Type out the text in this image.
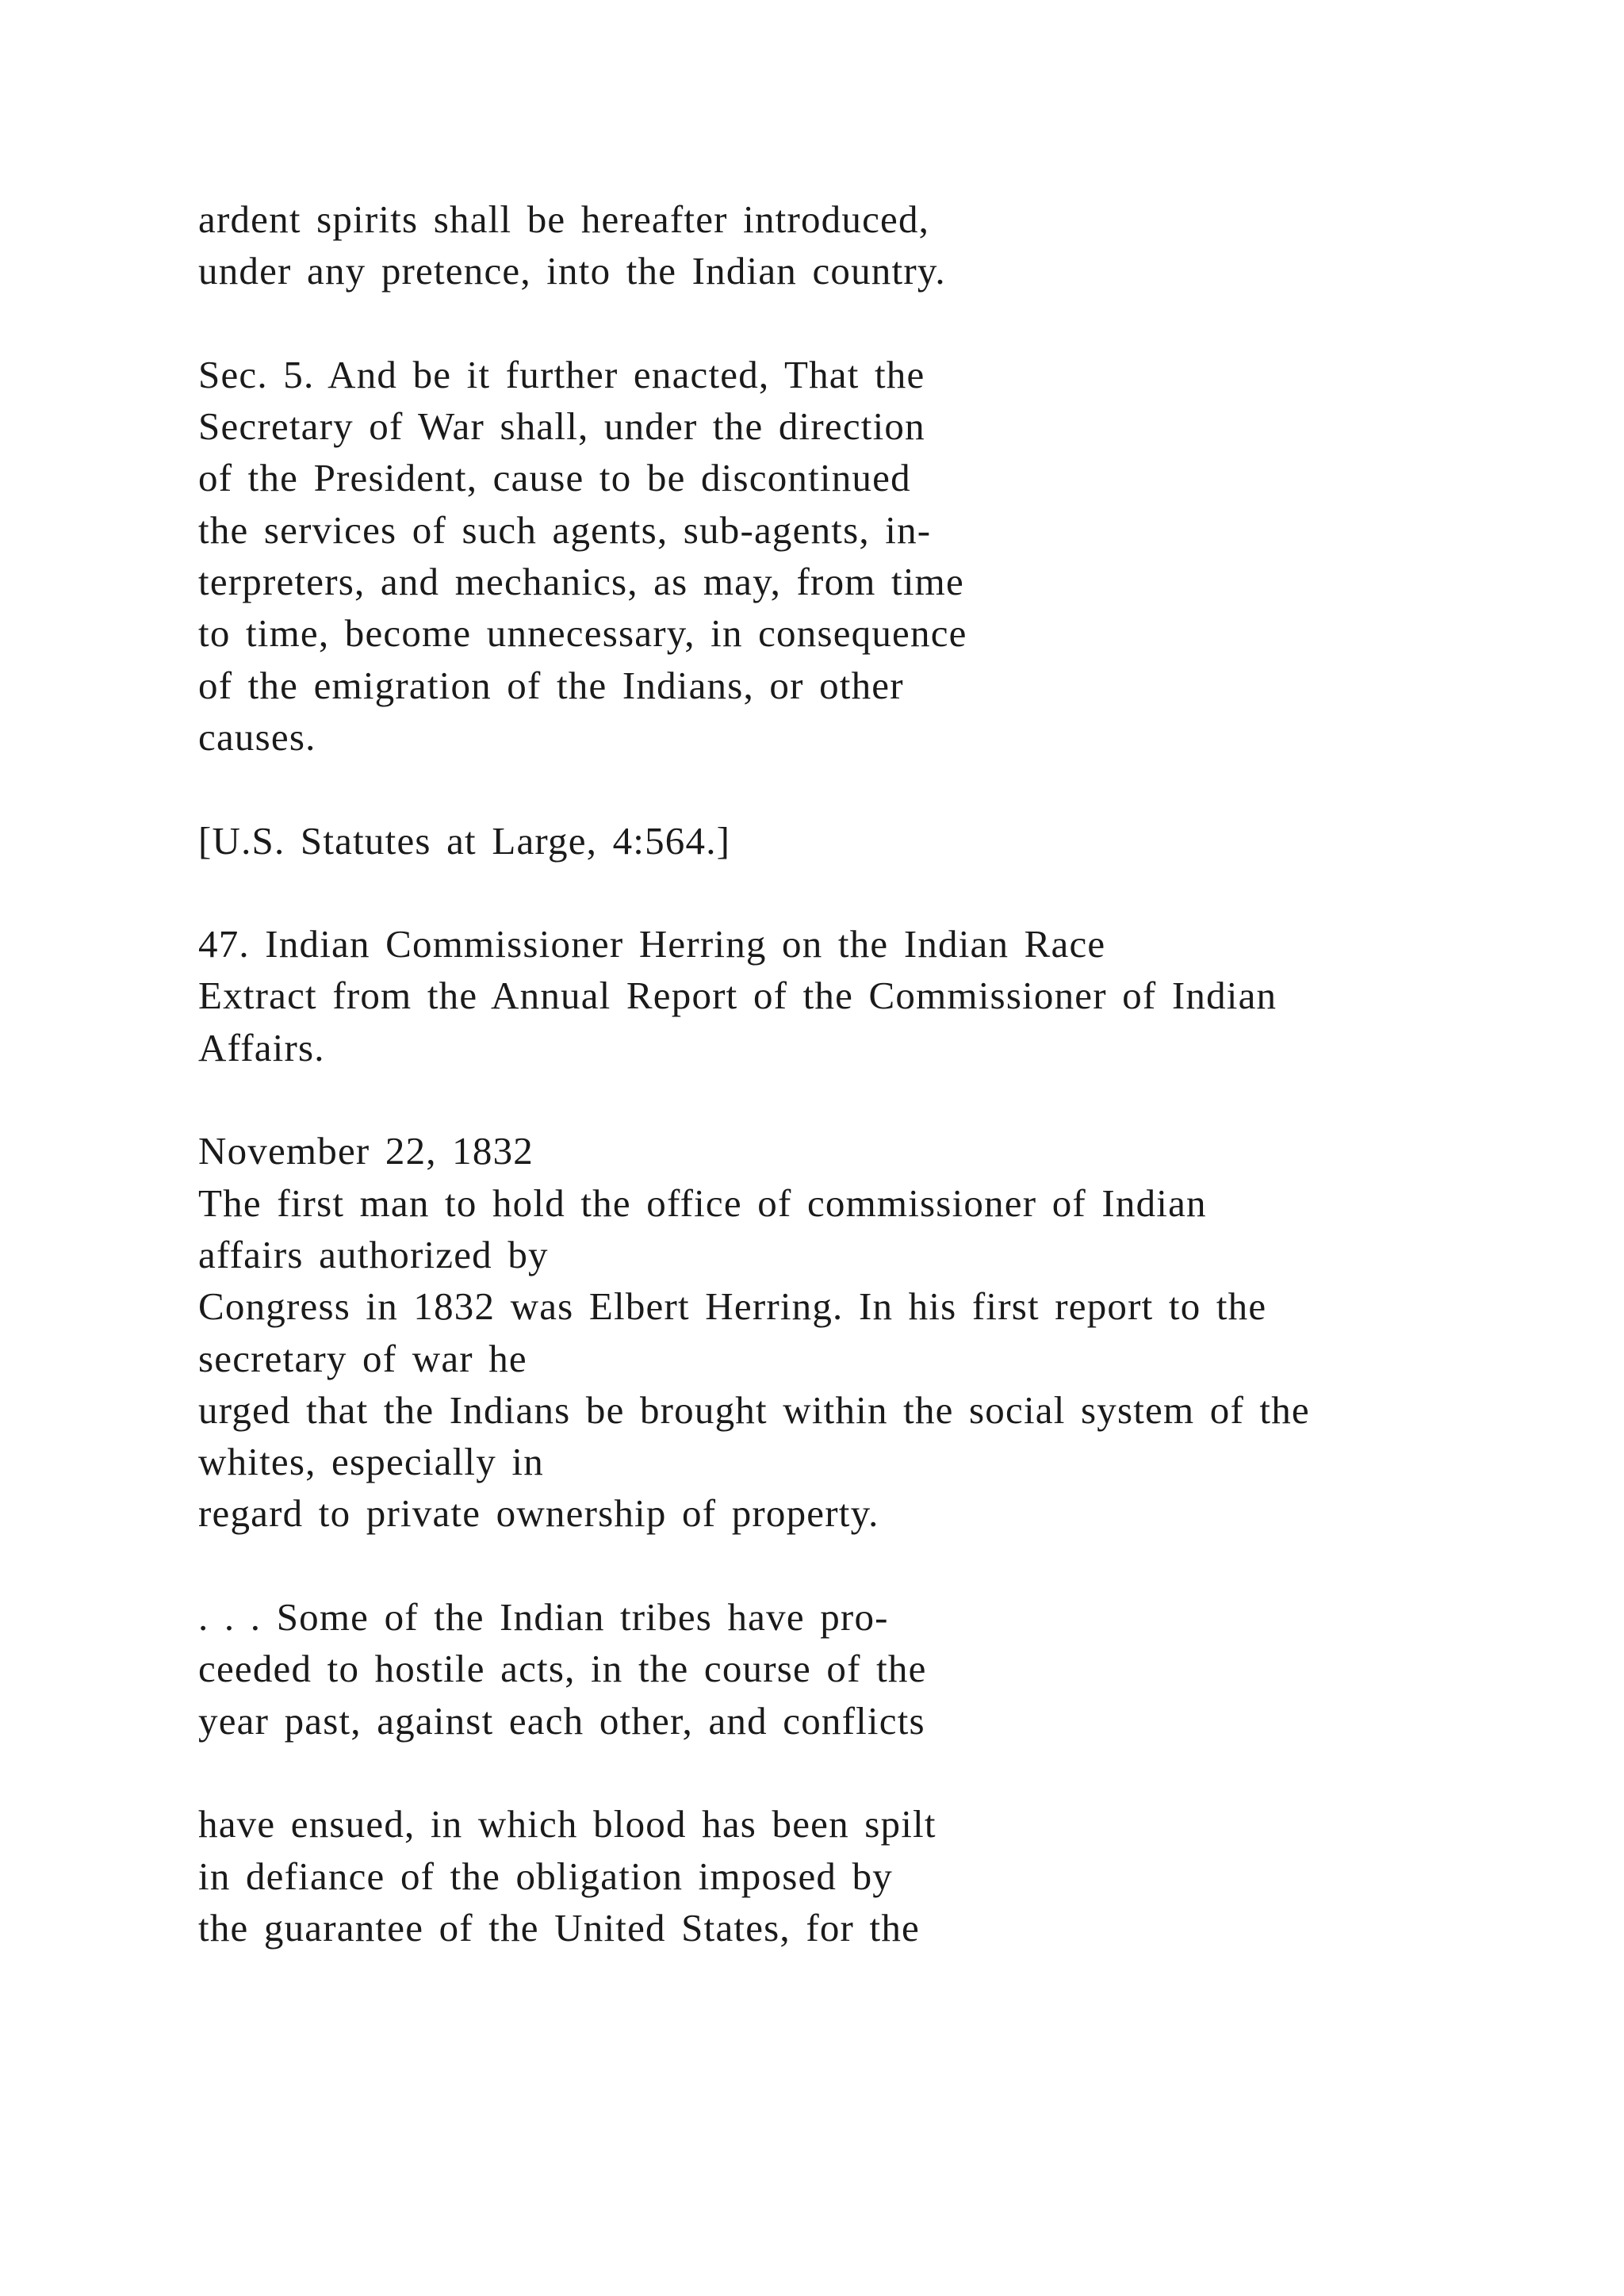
ardent spirits shall be hereafter introduced,
under any pretence, into the Indian country.
Sec. 5. And be it further enacted, That the
Secretary of War shall, under the direction
of the President, cause to be discontinued
the services of such agents, sub-agents, in-
terpreters, and mechanics, as may, from time
to time, become unnecessary, in consequence
of the emigration of the Indians, or other
causes.
[U.S. Statutes at Large, 4:564.]
47. Indian Commissioner Herring on the Indian Race
Extract from the Annual Report of the Commissioner of Indian
Affairs.
November 22, 1832
The first man to hold the office of commissioner of Indian
affairs authorized by
Congress in 1832 was Elbert Herring. In his first report to the
secretary of war he
urged that the Indians be brought within the social system of the
whites, especially in
regard to private ownership of property.
. . . Some of the Indian tribes have pro-
ceeded to hostile acts, in the course of the
year past, against each other, and conflicts
have ensued, in which blood has been spilt
in defiance of the obligation imposed by
the guarantee of the United States, for the
